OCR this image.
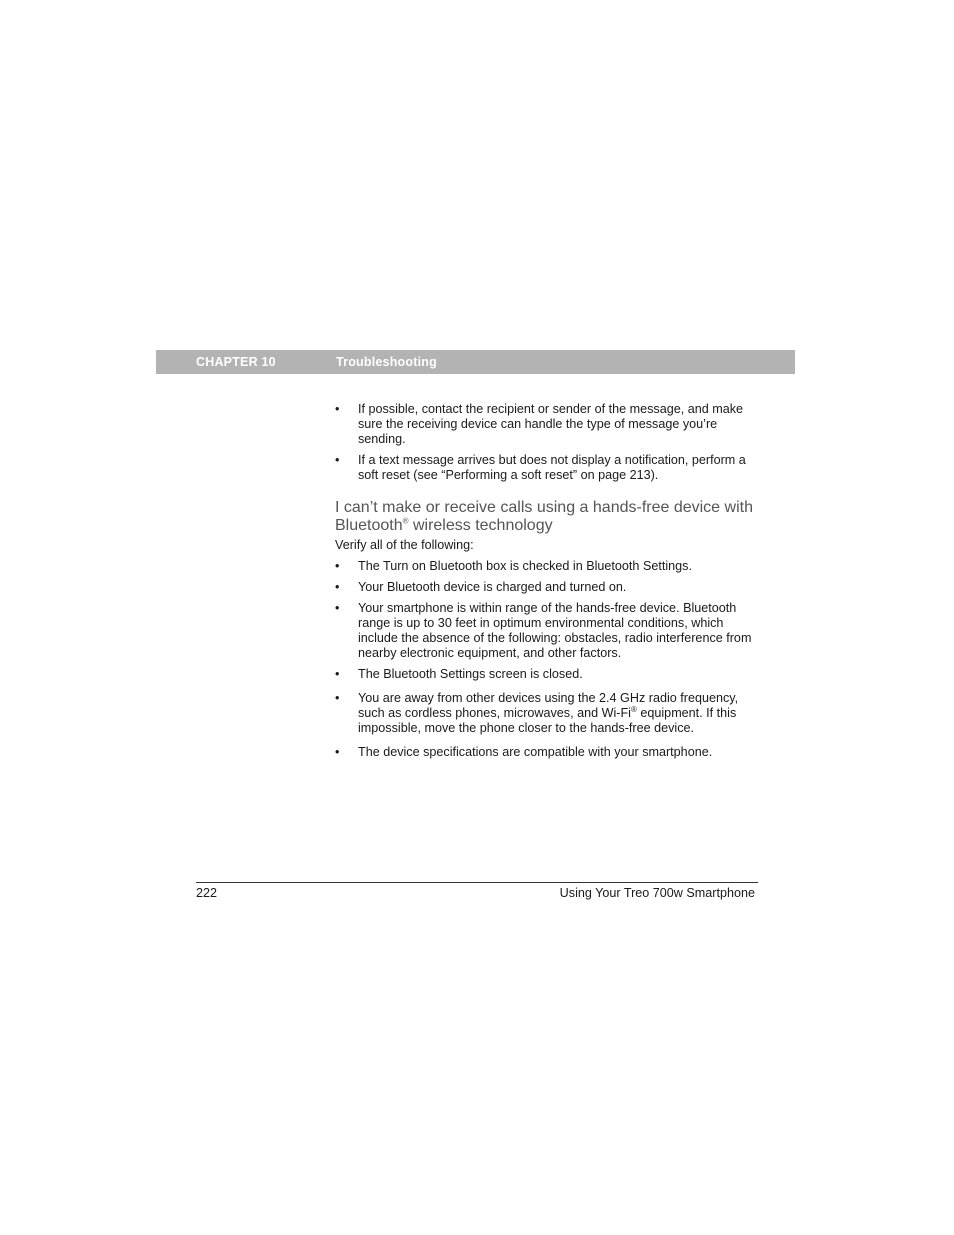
CHAPTER 10	Troubleshooting
• If possible, contact the recipient or sender of the message, and make sure the receiving device can handle the type of message you’re sending.
• If a text message arrives but does not display a notification, perform a soft reset (see “Performing a soft reset” on page 213).
I can’t make or receive calls using a hands-free device with Bluetooth® wireless technology

Verify all of the following:

• The Turn on Bluetooth box is checked in Bluetooth Settings.
• Your Bluetooth device is charged and turned on.
• Your smartphone is within range of the hands-free device. Bluetooth range is up to 30 feet in optimum environmental conditions, which include the absence of the following: obstacles, radio interference from nearby electronic equipment, and other factors.
• The Bluetooth Settings screen is closed.
• You are away from other devices using the 2.4 GHz radio frequency, such as cordless phones, microwaves, and Wi-Fi® equipment. If this impossible, move the phone closer to the hands-free device.
• The device specifications are compatible with your smartphone.
222	Using Your Treo 700w Smartphone
